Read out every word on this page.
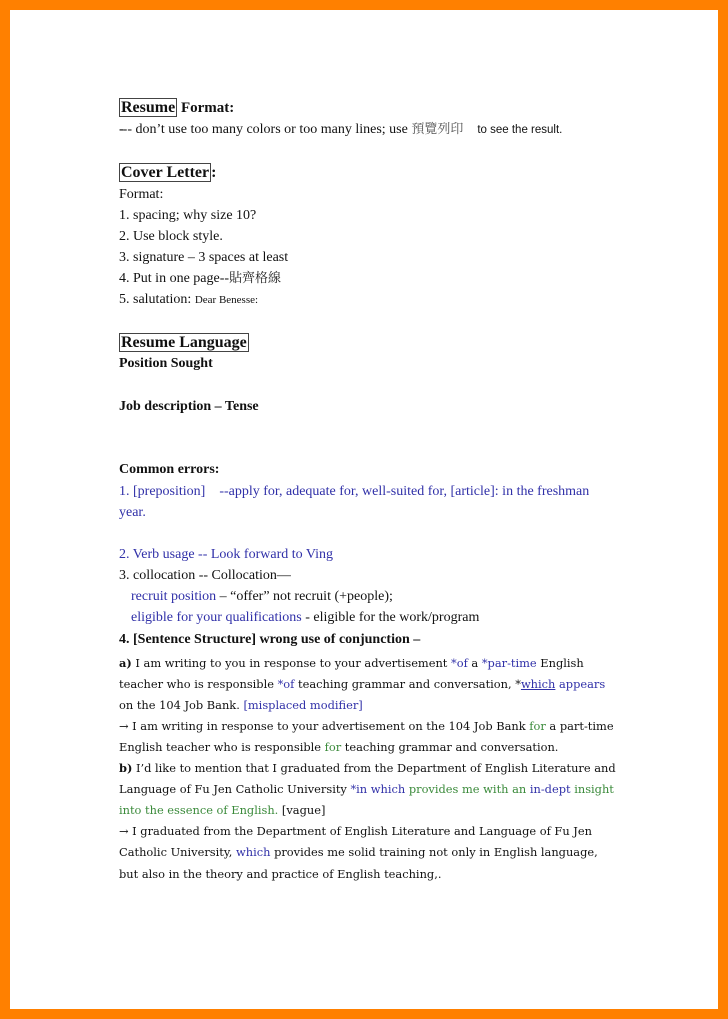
Resume Format:
--- don’t use too many colors or too many lines; use 預覽列印 to see the result.
Cover Letter :
Format:
1. spacing; why size 10?
2. Use block style.
3. signature – 3 spaces at least
4. Put in one page--貼齊格線
5. salutation: Dear Benesse:
Resume Language
Position Sought
Job description – Tense
Common errors:
1. [preposition]    --apply for, adequate for, well-suited for, [article]: in the freshman
year.
2. Verb usage -- Look forward to Ving
3. collocation -- Collocation—
recruit position – “offer” not recruit (+people);
eligible for your qualifications - eligible for the work/program
4. [Sentence Structure] wrong use of conjunction –
a) I am writing to you in response to your advertisement *of a *par-time English
teacher who is responsible *of teaching grammar and conversation, *which appears
on the 104 Job Bank. [misplaced modifier]
→ I am writing in response to your advertisement on the 104 Job Bank for a part-time
English teacher who is responsible for teaching grammar and conversation.
b) I’d like to mention that I graduated from the Department of English Literature and
Language of Fu Jen Catholic University *in which provides me with an in-dept insight
into the essence of English. [vague]
→ I graduated from the Department of English Literature and Language of Fu Jen
Catholic University, which provides me solid training not only in English language,
but also in the theory and practice of English teaching,.
